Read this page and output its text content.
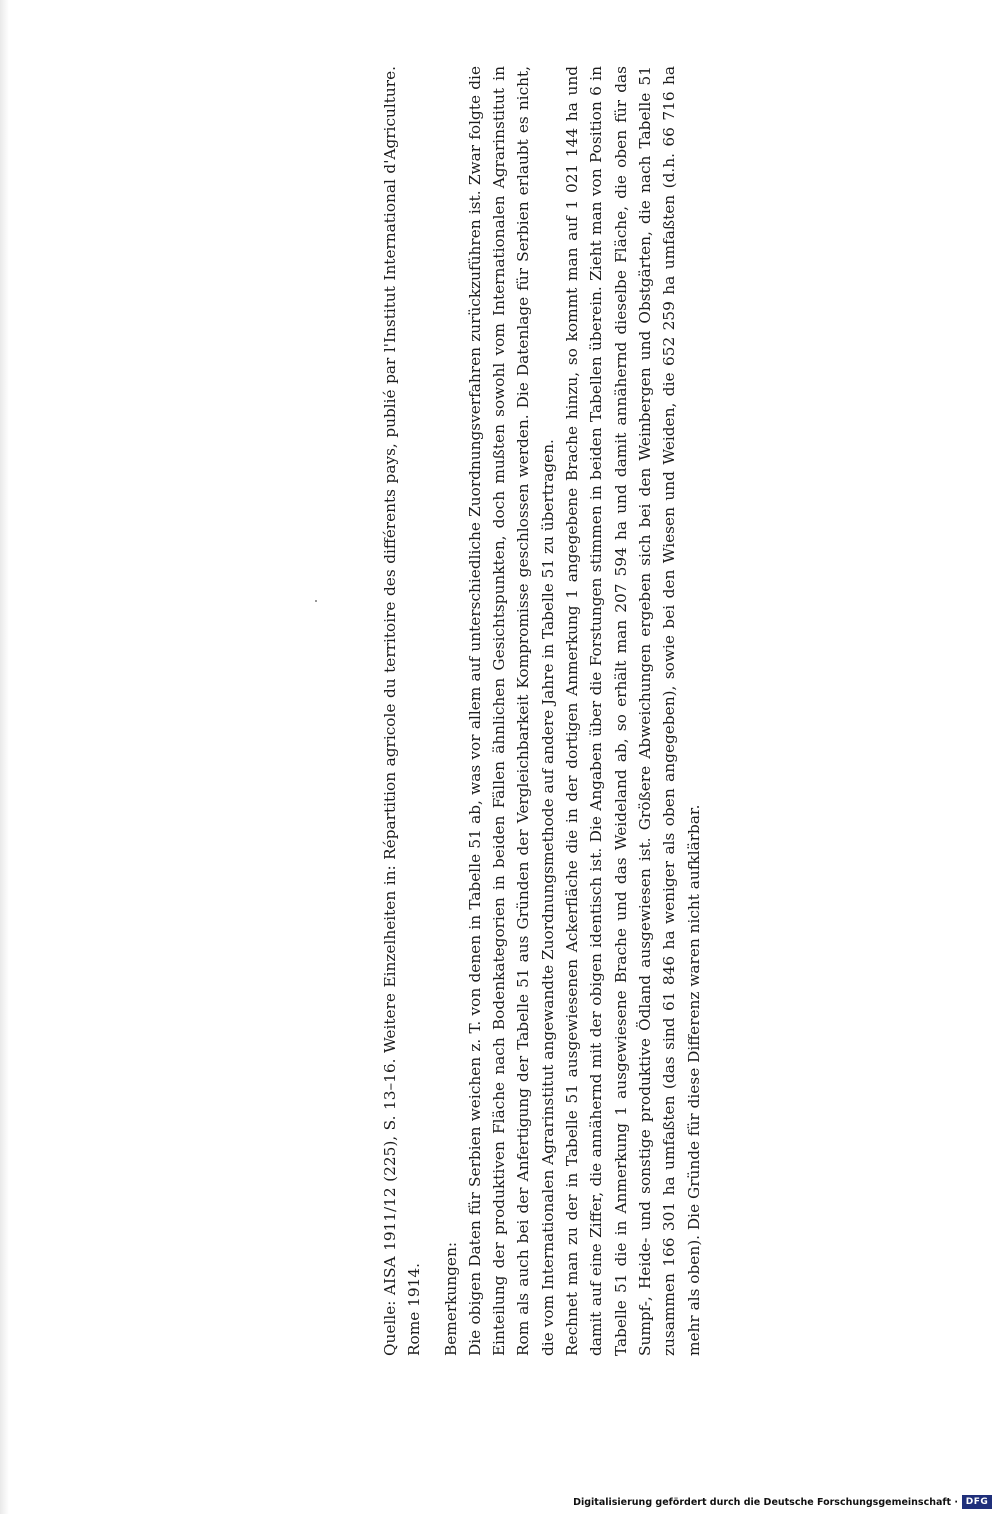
Quelle: AISA 1911/12 (225), S. 13–16. Weitere Einzelheiten in: Répartition agricole du territoire des différents pays, publié par l'Institut International d'Agriculture. Rome 1914. Bemerkungen: Die obigen Daten für Serbien weichen z. T. von denen in Tabelle 51 ab, was vor allem auf unterschiedliche Zuordnungsverfahren zurückzuführen ist. Zwar folgte die Einteilung der produktiven Fläche nach Bodenkategorien in beiden Fällen ähnlichen Gesichtspunkten, doch mußten sowohl vom Internationalen Agrarinstitut in Rom als auch bei der Anfertigung der Tabelle 51 aus Gründen der Vergleichbarkeit Kompromisse geschlossen werden. Die Datenlage für Serbien erlaubt es nicht, die vom Internationalen Agrarinstitut angewandte Zuordnungsmethode auf andere Jahre in Tabelle 51 zu übertragen. Rechnet man zu der in Tabelle 51 ausgewiesenen Ackerfläche die in der dortigen Anmerkung 1 angegebene Brache hinzu, so kommt man auf 1 021 144 ha und damit auf eine Ziffer, die annähernd mit der obigen identisch ist. Die Angaben über die Forstungen stimmen in beiden Tabellen überein. Zieht man von Position 6 in Tabelle 51 die in Anmerkung 1 ausgewiesene Brache und das Weideland ab, so erhält man 207 594 ha und damit annähernd dieselbe Fläche, die oben für das Sumpf-, Heide- und sonstige produktive Ödland ausgewiesen ist. Größere Abweichungen ergeben sich bei den Weinbergen und Obstgärten, die nach Tabelle 51 zusammen 166 301 ha umfaßten (das sind 61 846 ha weniger als oben angegeben), sowie bei den Wiesen und Weiden, die 652 259 ha umfaßten (d.h. 66 716 ha mehr als oben). Die Gründe für diese Differenz waren nicht aufklärbar.

Digitalisierung gefördert durch die Deutsche Forschungsgemeinschaft · DFG
